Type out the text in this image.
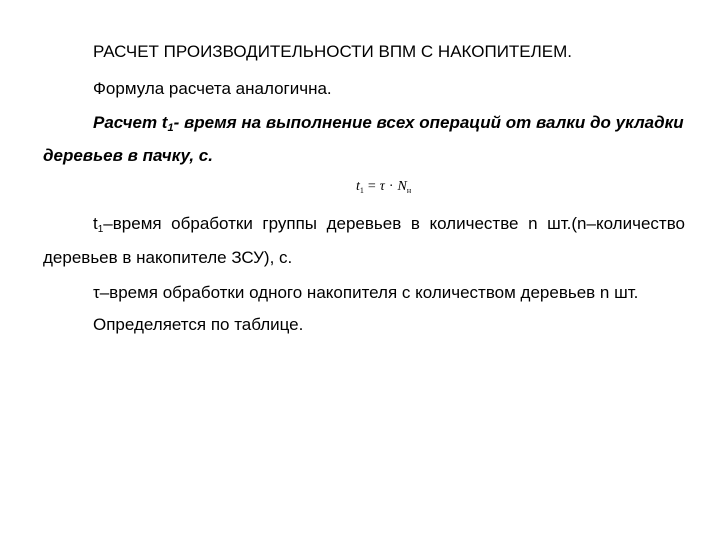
РАСЧЕТ ПРОИЗВОДИТЕЛЬНОСТИ ВПМ С НАКОПИТЕЛЕМ.
Формула расчета аналогична.
Расчет t1- время на выполнение всех операций от валки до укладки
деревьев в пачку, с.
$t_1 = \tau \cdot N_н$
$t_1$–время обработки группы деревьев в количестве n шт.(n–количество
деревьев в накопителе ЗСУ), с.
τ–время обработки одного накопителя с количеством деревьев n шт.
Определяется по таблице.
